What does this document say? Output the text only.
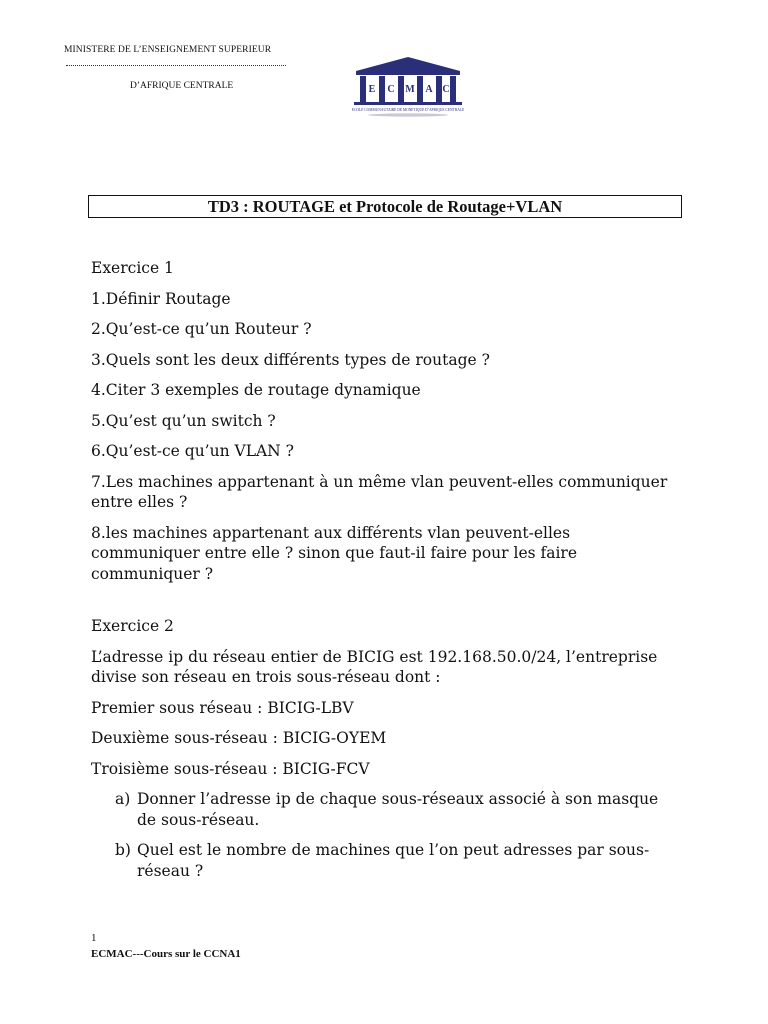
MINISTERE DE L’ENSEIGNEMENT SUPERIEUR
D’AFRIQUE CENTRALE	E C M A C
ECOLE COMMUNAUTAIRE DE MONETIQUE D’AFRIQUE CENTRALE
TD3 : ROUTAGE et Protocole de Routage+VLAN
Exercice 1
1.Définir Routage
2.Qu’est-ce qu’un Routeur ?
3.Quels sont les deux différents types de routage ?
4.Citer 3 exemples de routage dynamique
5.Qu’est qu’un switch ?
6.Qu’est-ce qu’un VLAN ?
7.Les machines appartenant à un même vlan peuvent-elles communiquer entre elles ?
8.les machines appartenant aux différents vlan peuvent-elles communiquer entre elle ? sinon que faut-il faire pour les faire communiquer ?
Exercice 2
L’adresse ip du réseau entier de BICIG est 192.168.50.0/24, l’entreprise divise son réseau en trois sous-réseau dont :
Premier sous réseau : BICIG-LBV
Deuxième sous-réseau : BICIG-OYEM
Troisième sous-réseau : BICIG-FCV
a) Donner l’adresse ip de chaque sous-réseaux associé à son masque de sous-réseau.
b) Quel est le nombre de machines que l’on peut adresses par sous-réseau ?
1
ECMAC---Cours sur le CCNA1
